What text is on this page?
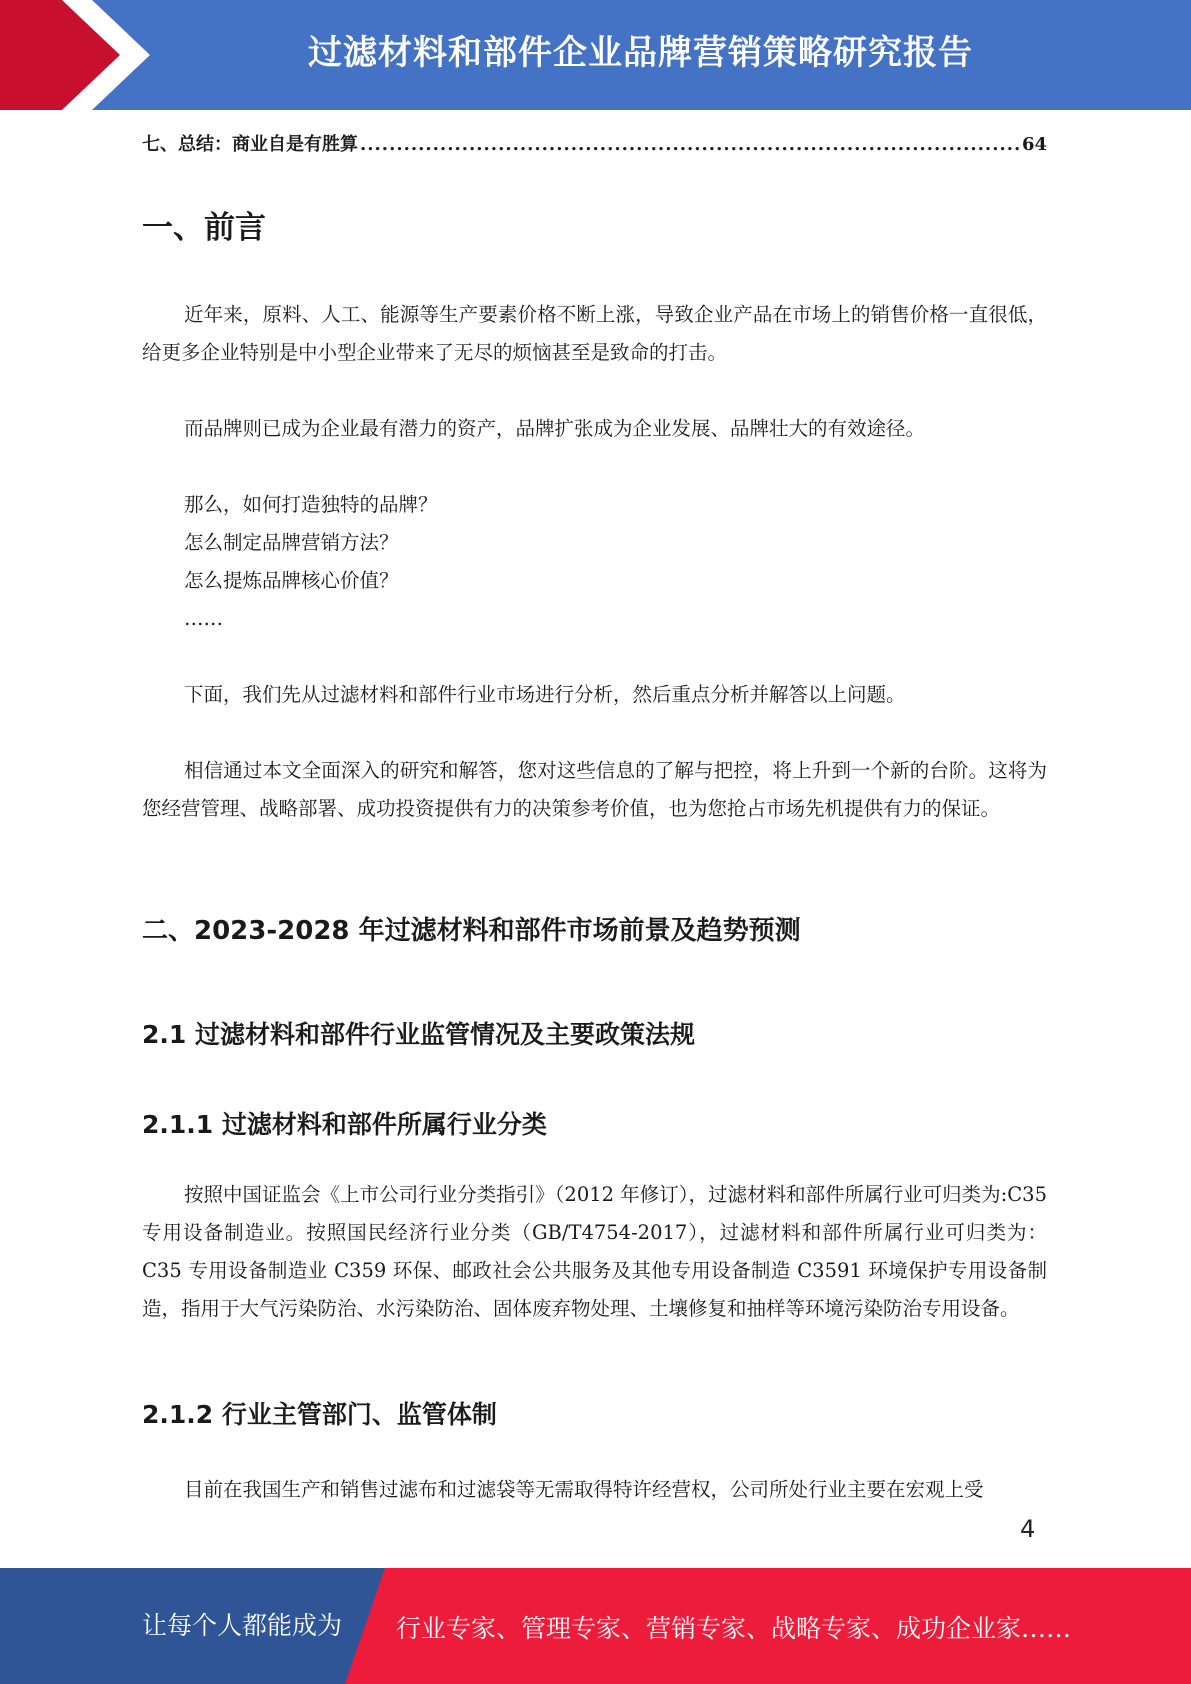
过滤材料和部件企业品牌营销策略研究报告
七、总结：商业自是有胜算
.....	64
一、前言
近年来，原料、人工、能源等生产要素价格不断上涨，导致企业产品在市场上的销售价格一直很低，给更多企业特别是中小型企业带来了无尽的烦恼甚至是致命的打击。
而品牌则已成为企业最有潜力的资产，品牌扩张成为企业发展、品牌壮大的有效途径。
那么，如何打造独特的品牌？
怎么制定品牌营销方法？
怎么提炼品牌核心价值？
……
下面，我们先从过滤材料和部件行业市场进行分析，然后重点分析并解答以上问题。
相信通过本文全面深入的研究和解答，您对这些信息的了解与把控，将上升到一个新的台阶。这将为您经营管理、战略部署、成功投资提供有力的决策参考价值，也为您抢占市场先机提供有力的保证。
二、2023-2028 年过滤材料和部件市场前景及趋势预测
2.1 过滤材料和部件行业监管情况及主要政策法规
2.1.1 过滤材料和部件所属行业分类
按照中国证监会《上市公司行业分类指引》（2012 年修订），过滤材料和部件所属行业可归类为:C35 专用设备制造业。按照国民经济行业分类（GB/T4754-2017），过滤材料和部件所属行业可归类为：C35 专用设备制造业 C359 环保、邮政社会公共服务及其他专用设备制造 C3591 环境保护专用设备制造，指用于大气污染防治、水污染防治、固体废弃物处理、土壤修复和抽样等环境污染防治专用设备。
2.1.2 行业主管部门、监管体制
目前在我国生产和销售过滤布和过滤袋等无需取得特许经营权，公司所处行业主要在宏观上受
4
让每个人都能成为 行业专家、管理专家、营销专家、战略专家、成功企业家……
